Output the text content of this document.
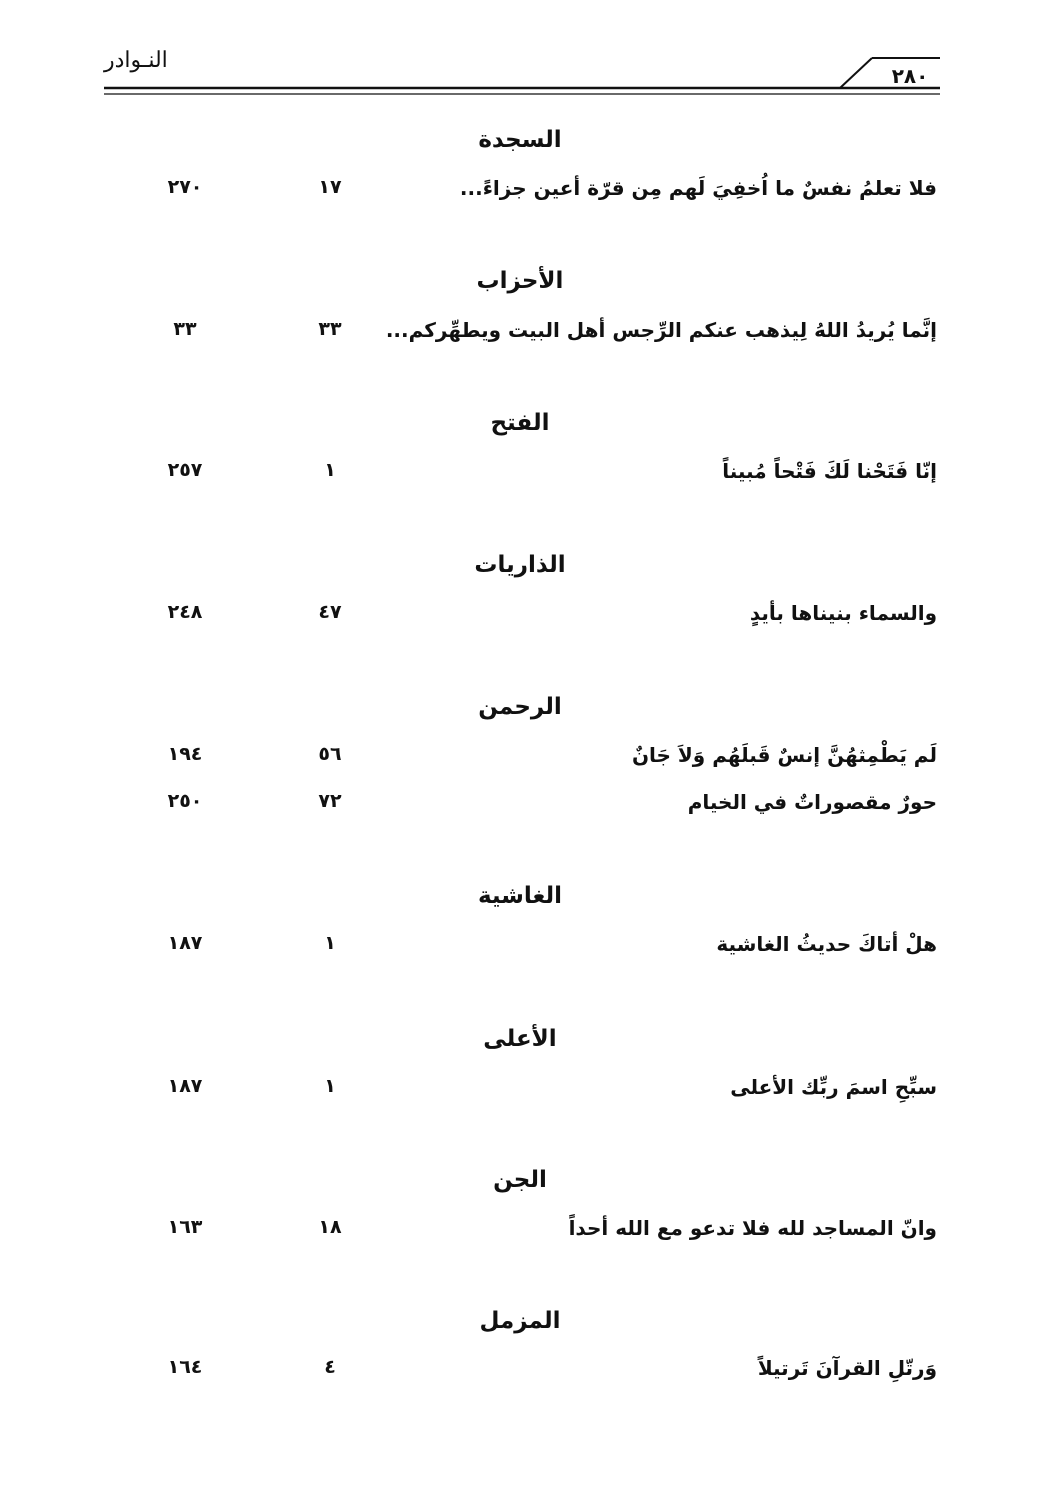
النـوادر
٢٨٠
السجدة
فلا تعلمُ نفسٌ ما اُخفِيَ لَهم مِن قرّة أعين جزاءً...
١٧
٢٧٠
الأحزاب
إنَّما يُريدُ اللهُ لِيذهب عنكم الرِّجس أهل البيت ويطهِّركم...
٣٣
٣٣
الفتح
إنّا فَتَحْنا لَكَ فَتْحاً مُبيناً
١
٢٥٧
الذاريات
والسماء بنيناها بأيدٍ
٤٧
٢٤٨
الرحمن
لَم يَطْمِثهُنَّ إنسٌ قَبلَهُم وَلاَ جَانٌ
٥٦
١٩٤
حورٌ مقصوراتٌ في الخيام
٧٢
٢٥٠
الغاشية
هلْ أتاكَ حديثُ الغاشية
١
١٨٧
الأعلى
سبِّحِ اسمَ ربِّك الأعلى
١
١٨٧
الجن
وانّ المساجد لله فلا تدعو مع الله أحداً
١٨
١٦٣
المزمل
وَرتّلِ القرآنَ تَرتيلاً
٤
١٦٤
